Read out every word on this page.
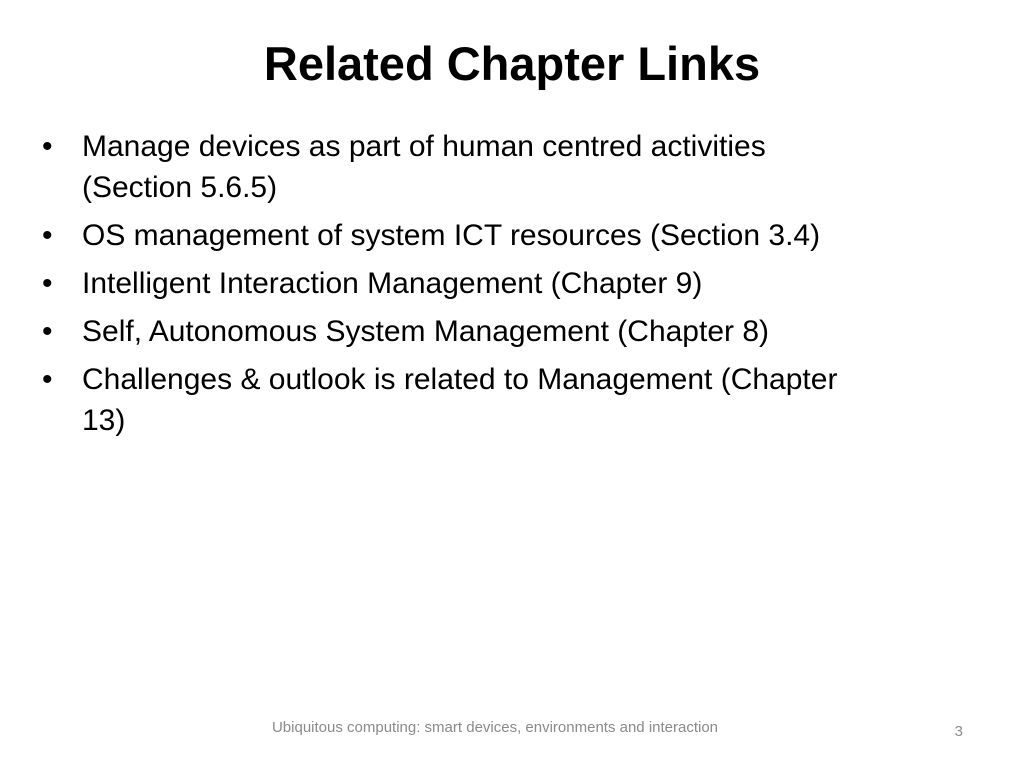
Related Chapter Links
• Manage devices as part of human centred activities
(Section 5.6.5)
• OS management of system ICT resources (Section 3.4)
• Intelligent Interaction Management (Chapter 9)
• Self, Autonomous System Management (Chapter 8)
• Challenges & outlook is related to Management (Chapter
13)
Ubiquitous computing: smart devices, environments and interaction	3
